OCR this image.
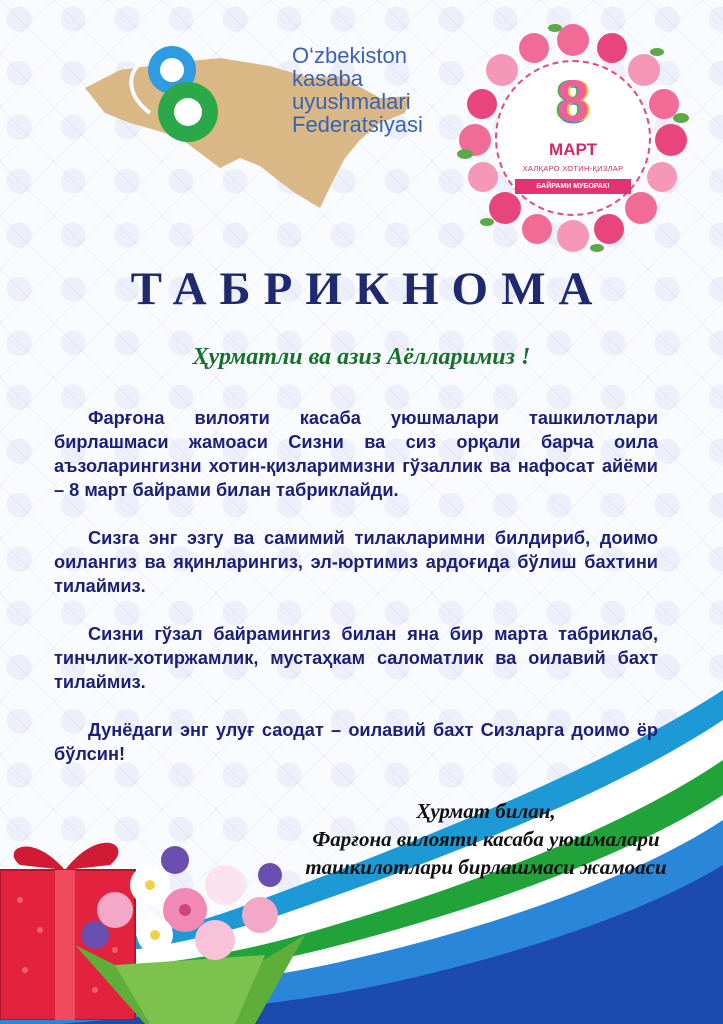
O‘zbekiston
kasaba
uyushmalari
Federatsiyasi	8
МАРТ
ХАЛҚАРО ХОТИН-ҚИЗЛАР
БАЙРАМИ МУБОРАК!
ТАБРИКНОМА
Ҳурматли ва азиз Аёлларимиз !

Фарғона вилояти касаба уюшмалари ташкилотлари бирлашмаси жамоаси Сизни ва сиз орқали барча оила аъзоларингизни хотин-қизларимизни гўзаллик ва нафосат айёми – 8 март байрами билан табриклайди.

Сизга энг эзгу ва самимий тилакларимни билдириб, доимо оилангиз ва яқинларингиз, эл-юртимиз ардоғида бўлиш бахтини тилаймиз.

Сизни гўзал байрамингиз билан яна бир марта табриклаб, тинчлик-хотиржамлик, мустаҳкам саломатлик ва оилавий бахт тилаймиз.

Дунёдаги энг улуғ саодат – оилавий бахт Сизларга доимо ёр бўлсин!

Ҳурмат билан,
Фарғона вилояти касаба уюшмалари
ташкилотлари бирлашмаси жамоаси
